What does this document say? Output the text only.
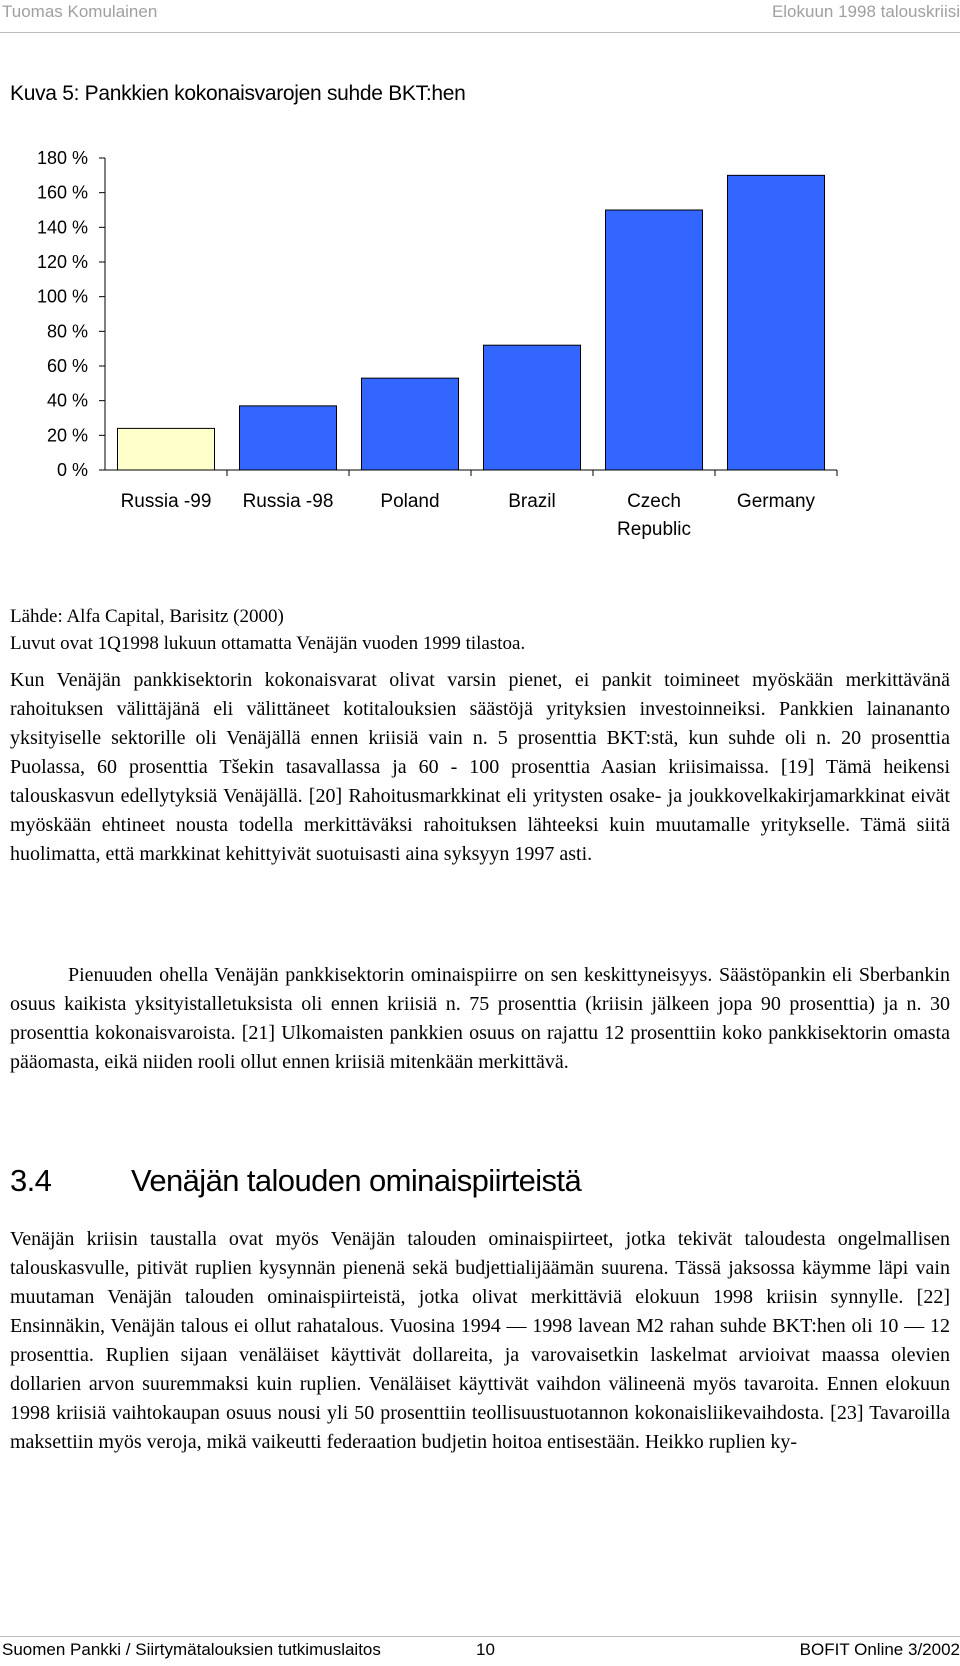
Tuomas Komulainen	Elokuun 1998 talouskriisi
Kuva 5: Pankkien kokonaisvarojen suhde BKT:hen
0 %
20 %
40 %
60 %
80 %
100 %
120 %
140 %
160 %
180 %
Russia -99 Russia -98 Poland	Brazil	Czech
Republic
Germany
Lähde: Alfa Capital, Barisitz (2000)
Luvut ovat 1Q1998 lukuun ottamatta Venäjän vuoden 1999 tilastoa.

Kun Venäjän pankkisektorin kokonaisvarat olivat varsin pienet, ei pankit toimineet myöskään merkittävänä rahoituksen välittäjänä eli välittäneet kotitalouksien säästöjä yrityksien investoinneiksi. Pankkien lainananto yksityiselle sektorille oli Venäjällä ennen kriisiä vain n. 5 prosenttia BKT:stä, kun suhde oli n. 20 prosenttia Puolassa, 60 prosenttia Tšekin tasavallassa ja 60 - 100 prosenttia Aasian kriisimaissa. [19] Tämä heikensi talouskasvun edellytyksiä Venäjällä. [20] Rahoitusmarkkinat eli yritysten osake- ja joukkovelkakirjamarkkinat eivät myöskään ehtineet nousta todella merkittäväksi rahoituksen lähteeksi kuin muutamalle yritykselle. Tämä siitä huolimatta, että markkinat kehittyivät suotuisasti aina syksyyn 1997 asti.

Pienuuden ohella Venäjän pankkisektorin ominaispiirre on sen keskittyneisyys. Säästöpankin eli Sberbankin osuus kaikista yksityistalletuksista oli ennen kriisiä n. 75 prosenttia (kriisin jälkeen jopa 90 prosenttia) ja n. 30 prosenttia kokonaisvaroista. [21] Ulkomaisten pankkien osuus on rajattu 12 prosenttiin koko pankkisektorin omasta pääomasta, eikä niiden rooli ollut ennen kriisiä mitenkään merkittävä.

3.4	Venäjän talouden ominaispiirteistä

Venäjän kriisin taustalla ovat myös Venäjän talouden ominaispiirteet, jotka tekivät taloudesta ongelmallisen talouskasvulle, pitivät ruplien kysynnän pienenä sekä budjettialijäämän suurena. Tässä jaksossa käymme läpi vain muutaman Venäjän talouden ominaispiirteistä, jotka olivat merkittäviä elokuun 1998 kriisin synnylle. [22] Ensinnäkin, Venäjän talous ei ollut rahatalous. Vuosina 1994 — 1998 lavean M2 rahan suhde BKT:hen oli 10 — 12 prosenttia. Ruplien sijaan venäläiset käyttivät dollareita, ja varovaisetkin laskelmat arvioivat maassa olevien dollarien arvon suuremmaksi kuin ruplien. Venäläiset käyttivät vaihdon välineenä myös tavaroita. Ennen elokuun 1998 kriisiä vaihtokaupan osuus nousi yli 50 prosenttiin teollisuustuotannon kokonaisliikevaihdosta. [23] Tavaroilla maksettiin myös veroja, mikä vaikeutti federaation budjetin hoitoa entisestään. Heikko ruplien ky-

Suomen Pankki / Siirtymätalouksien tutkimuslaitos	10	BOFIT Online 3/2002
